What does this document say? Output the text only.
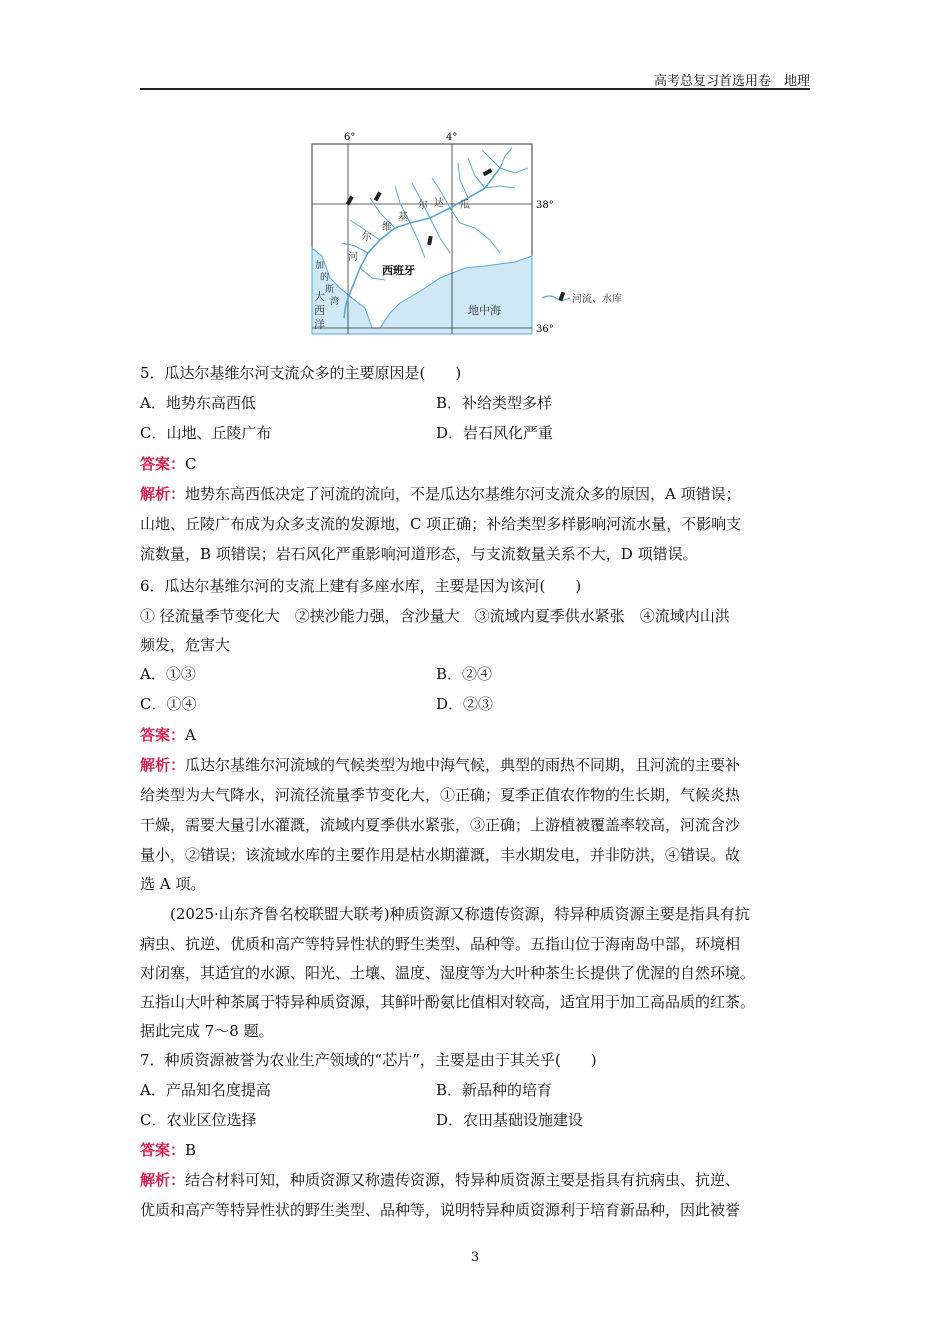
高考总复习首选用卷　地理
6°	4°
38°
36°
瓜
达
尔
基
维
尔
河
西班牙
加
的
斯
湾
大
西
洋
地中海
河流、水库
5．瓜达尔基维尔河支流众多的主要原因是(　　)
A．地势东高西低	B．补给类型多样
C．山地、丘陵广布	D．岩石风化严重
答案：C
解析：地势东高西低决定了河流的流向，不是瓜达尔基维尔河支流众多的原因，A 项错误；
山地、丘陵广布成为众多支流的发源地，C 项正确；补给类型多样影响河流水量，不影响支
流数量，B 项错误；岩石风化严重影响河道形态，与支流数量关系不大，D 项错误。
6．瓜达尔基维尔河的支流上建有多座水库，主要是因为该河(　　)
① 径流量季节变化大　②挟沙能力强，含沙量大　③流域内夏季供水紧张　④流域内山洪
频发，危害大
A．①③	B．②④
C．①④	D．②③
答案：A
解析：瓜达尔基维尔河流域的气候类型为地中海气候，典型的雨热不同期，且河流的主要补
给类型为大气降水，河流径流量季节变化大，①正确；夏季正值农作物的生长期，气候炎热
干燥，需要大量引水灌溉，流域内夏季供水紧张，③正确；上游植被覆盖率较高，河流含沙
量小，②错误；该流域水库的主要作用是枯水期灌溉，丰水期发电，并非防洪，④错误。故
选 A 项。
(2025·山东齐鲁名校联盟大联考)种质资源又称遗传资源，特异种质资源主要是指具有抗
病虫、抗逆、优质和高产等特异性状的野生类型、品种等。五指山位于海南岛中部，环境相
对闭塞，其适宜的水源、阳光、土壤、温度、湿度等为大叶种茶生长提供了优渥的自然环境。
五指山大叶种茶属于特异种质资源，其鲜叶酚氨比值相对较高，适宜用于加工高品质的红茶。
据此完成 7～8 题。
7．种质资源被誉为农业生产领域的“芯片”，主要是由于其关乎(　　)
A．产品知名度提高	B．新品种的培育
C．农业区位选择	D．农田基础设施建设
答案：B
解析：结合材料可知，种质资源又称遗传资源，特异种质资源主要是指具有抗病虫、抗逆、
优质和高产等特异性状的野生类型、品种等，说明特异种质资源利于培育新品种，因此被誉
3
